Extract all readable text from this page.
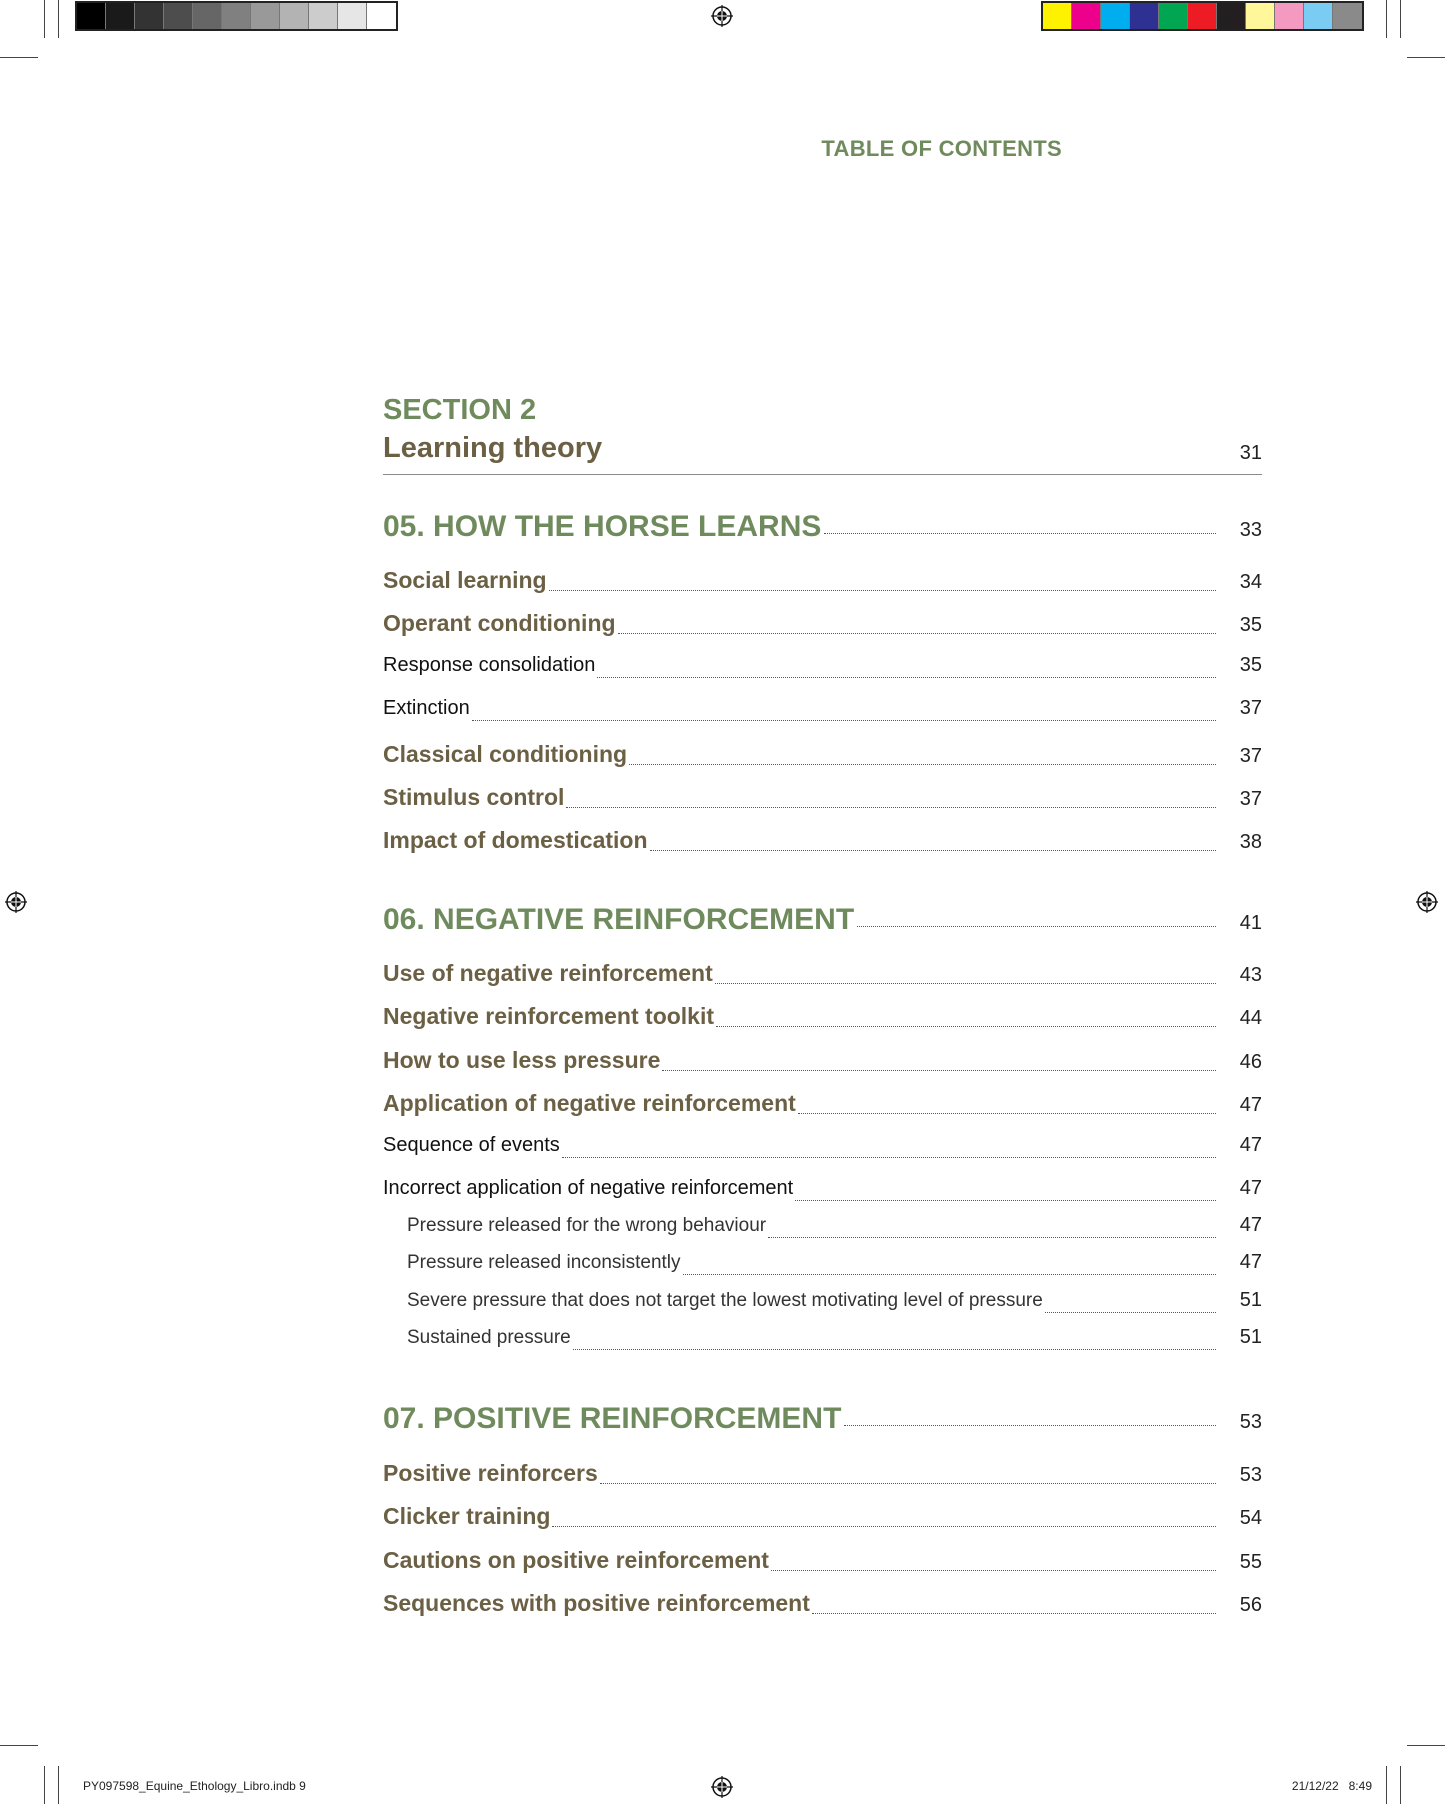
PY097598_Equine_Ethology_Libro.indb 9	21/12/22   8:49
TABLE OF CONTENTS
SECTION 2
Learning theory	31
05. HOW THE HORSE LEARNS	33
Social learning	34
Operant conditioning	35
Response consolidation	35
Extinction	37
Classical conditioning	37
Stimulus control	37
Impact of domestication	38
06. NEGATIVE REINFORCEMENT	41
Use of negative reinforcement	43
Negative reinforcement toolkit	44
How to use less pressure	46
Application of negative reinforcement	47
Sequence of events	47
Incorrect application of negative reinforcement	47
Pressure released for the wrong behaviour	47
Pressure released inconsistently	47
Severe pressure that does not target the lowest motivating level of pressure	51
Sustained pressure	51
07. POSITIVE REINFORCEMENT	53
Positive reinforcers	53
Clicker training	54
Cautions on positive reinforcement	55
Sequences with positive reinforcement	56
